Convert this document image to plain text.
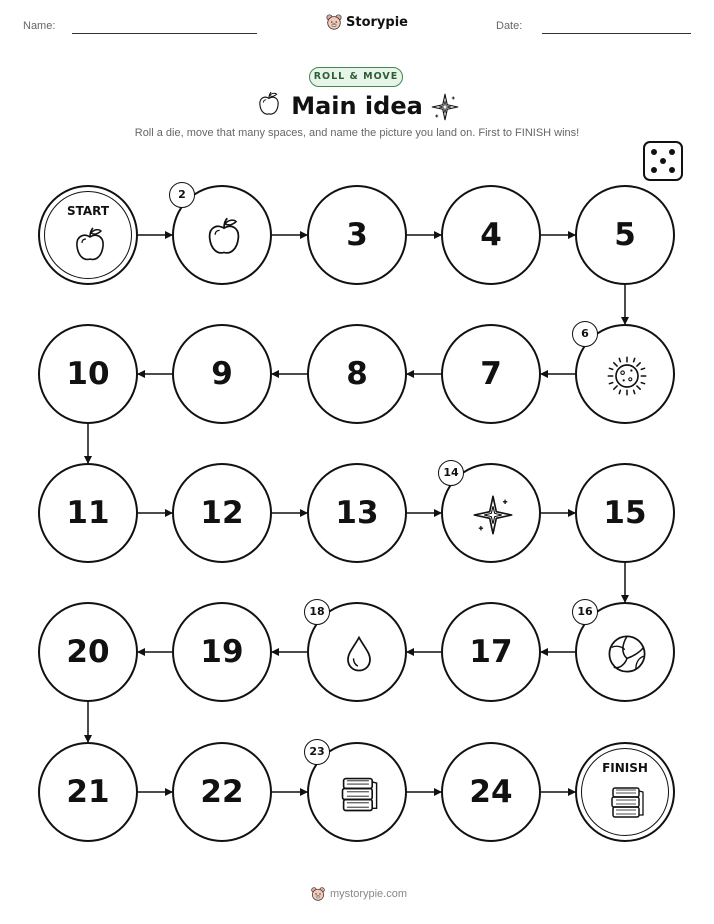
Name:	Storypie	Date:
ROLL & MOVE
Main idea
Roll a die, move that many spaces, and name the picture you land on. First to FINISH wins!
START
2
3	4	5
6
7
8
9
10
11	12	13
14
15
16
17
18
19
20
21	22
23
24
FINISH
mystorypie.com
